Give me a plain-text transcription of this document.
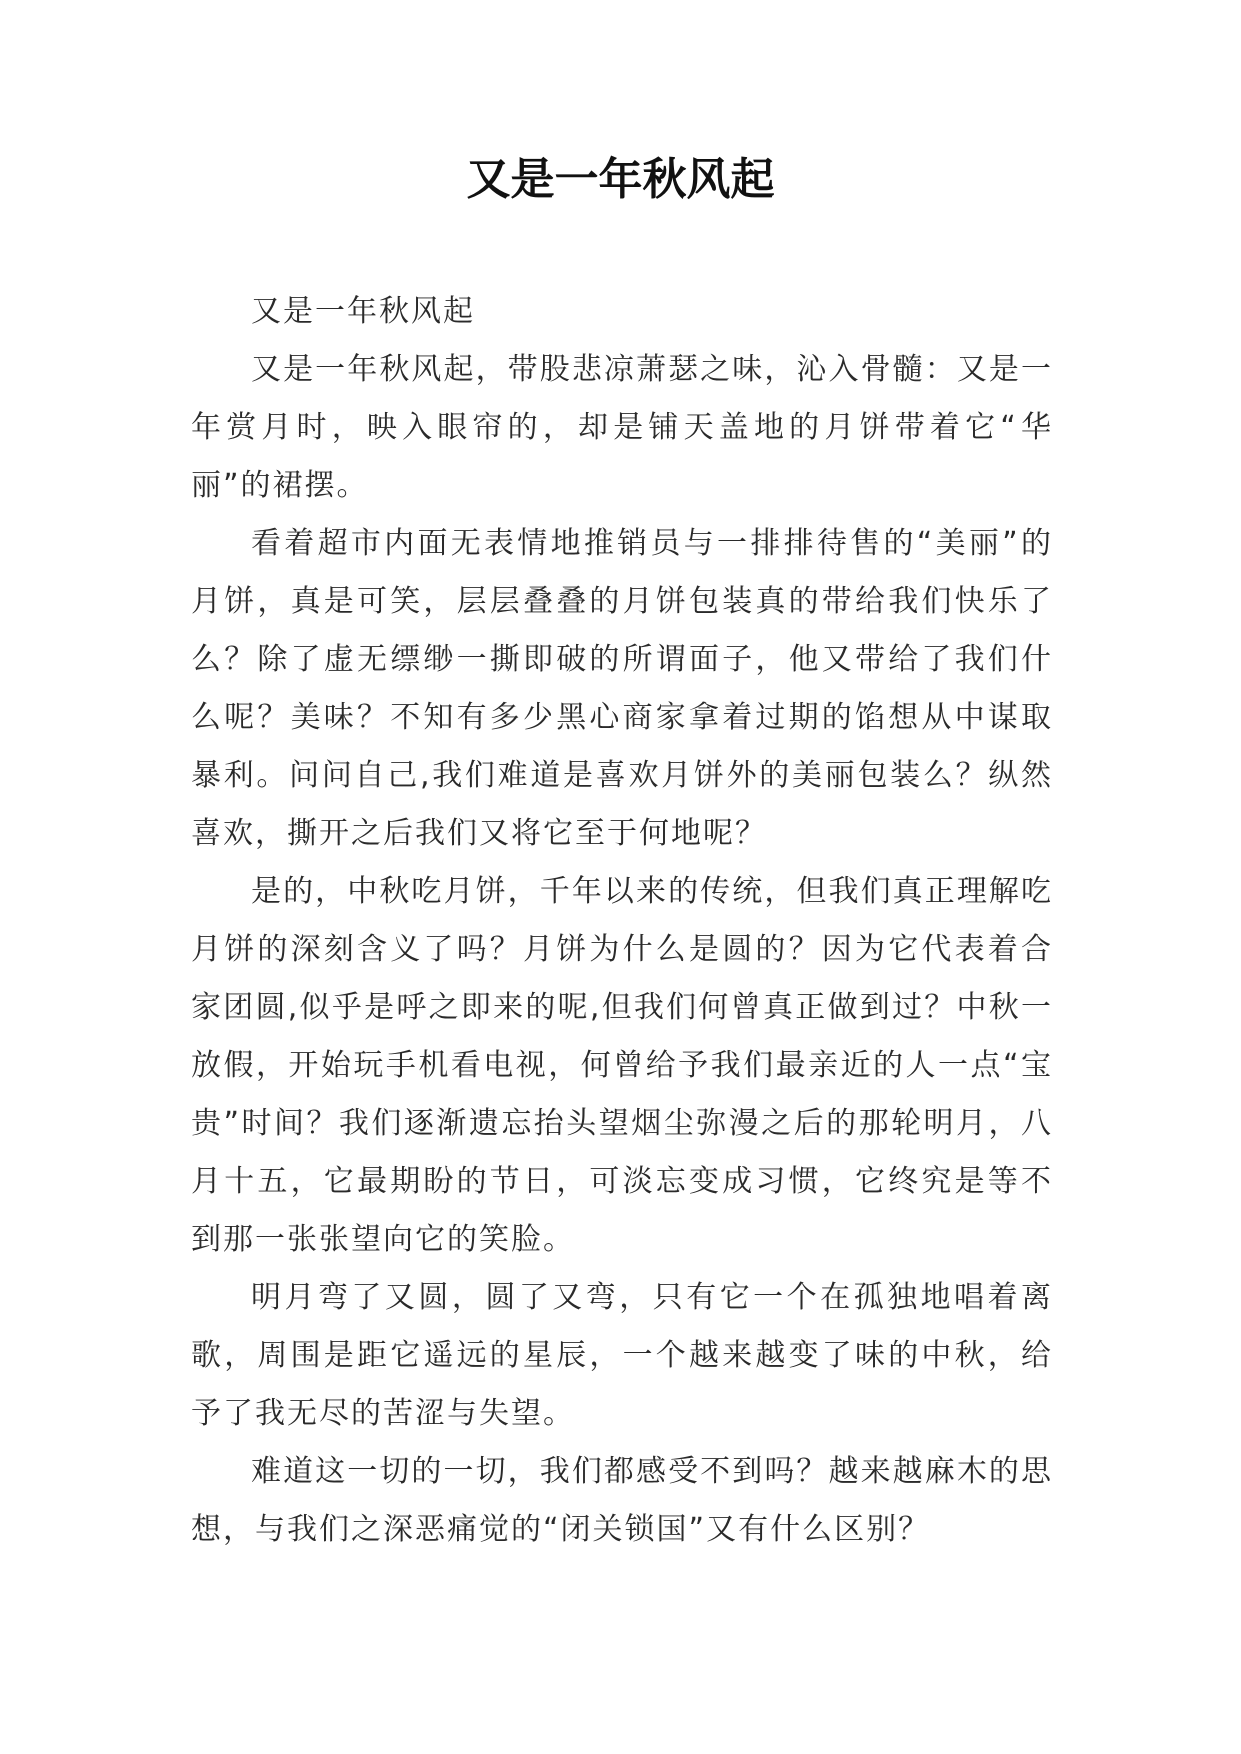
又是一年秋风起

又是一年秋风起

又是一年秋风起，带股悲凉萧瑟之味，沁入骨髓：又是一年赏月时，映入眼帘的，却是铺天盖地的月饼带着它“华丽”的裙摆。

看着超市内面无表情地推销员与一排排待售的“美丽”的月饼，真是可笑，层层叠叠的月饼包装真的带给我们快乐了么？除了虚无缥缈一撕即破的所谓面子，他又带给了我们什么呢？美味？不知有多少黑心商家拿着过期的馅想从中谋取暴利。问问自己,我们难道是喜欢月饼外的美丽包装么？纵然喜欢，撕开之后我们又将它至于何地呢？

是的，中秋吃月饼，千年以来的传统，但我们真正理解吃月饼的深刻含义了吗？月饼为什么是圆的？因为它代表着合家团圆,似乎是呼之即来的呢,但我们何曾真正做到过？中秋一放假，开始玩手机看电视，何曾给予我们最亲近的人一点“宝贵”时间？我们逐渐遗忘抬头望烟尘弥漫之后的那轮明月，八月十五，它最期盼的节日，可淡忘变成习惯，它终究是等不到那一张张望向它的笑脸。

明月弯了又圆，圆了又弯，只有它一个在孤独地唱着离歌，周围是距它遥远的星辰，一个越来越变了味的中秋，给予了我无尽的苦涩与失望。

难道这一切的一切，我们都感受不到吗？越来越麻木的思想，与我们之深恶痛觉的“闭关锁国”又有什么区别？
